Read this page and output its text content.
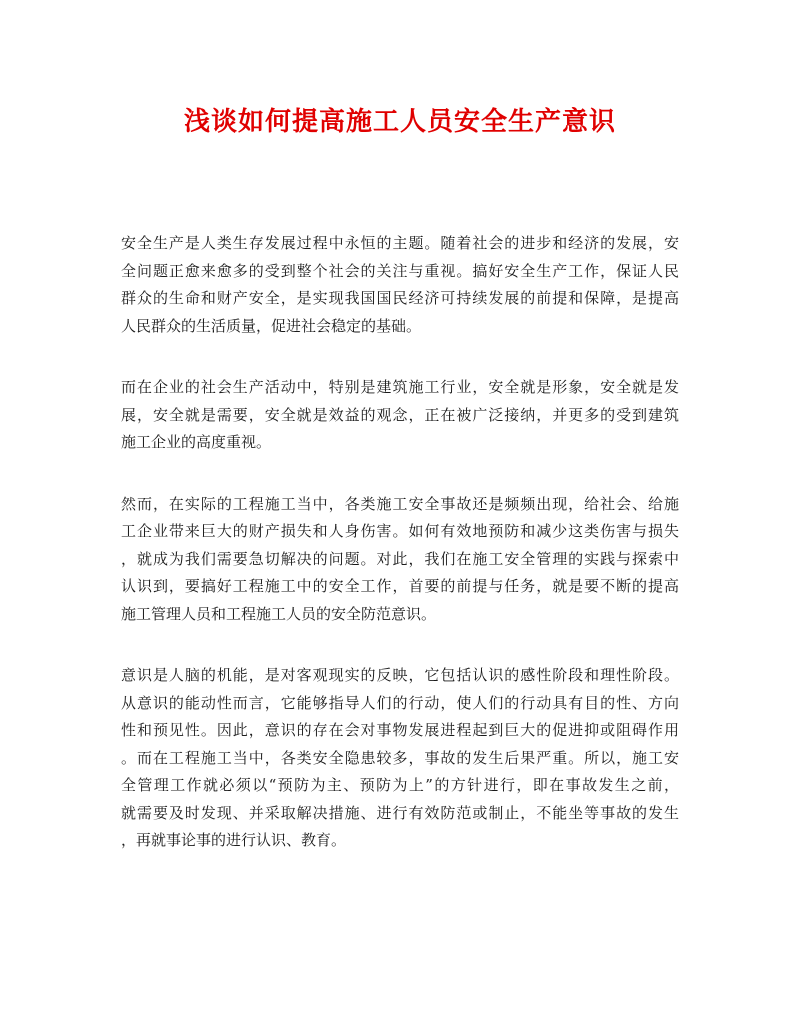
浅谈如何提高施工人员安全生产意识
安全生产是人类生存发展过程中永恒的主题。随着社会的进步和经济的发展，安
全问题正愈来愈多的受到整个社会的关注与重视。搞好安全生产工作，保证人民
群众的生命和财产安全，是实现我国国民经济可持续发展的前提和保障，是提高
人民群众的生活质量，促进社会稳定的基础。
而在企业的社会生产活动中，特别是建筑施工行业，安全就是形象，安全就是发
展，安全就是需要，安全就是效益的观念，正在被广泛接纳，并更多的受到建筑
施工企业的高度重视。
然而，在实际的工程施工当中，各类施工安全事故还是频频出现，给社会、给施
工企业带来巨大的财产损失和人身伤害。如何有效地预防和减少这类伤害与损失
，就成为我们需要急切解决的问题。对此，我们在施工安全管理的实践与探索中
认识到，要搞好工程施工中的安全工作，首要的前提与任务，就是要不断的提高
施工管理人员和工程施工人员的安全防范意识。
意识是人脑的机能，是对客观现实的反映，它包括认识的感性阶段和理性阶段。
从意识的能动性而言，它能够指导人们的行动，使人们的行动具有目的性、方向
性和预见性。因此，意识的存在会对事物发展进程起到巨大的促进抑或阻碍作用
。而在工程施工当中，各类安全隐患较多，事故的发生后果严重。所以，施工安
全管理工作就必须以“预防为主、预防为上”的方针进行，即在事故发生之前，
就需要及时发现、并采取解决措施、进行有效防范或制止，不能坐等事故的发生
，再就事论事的进行认识、教育。
